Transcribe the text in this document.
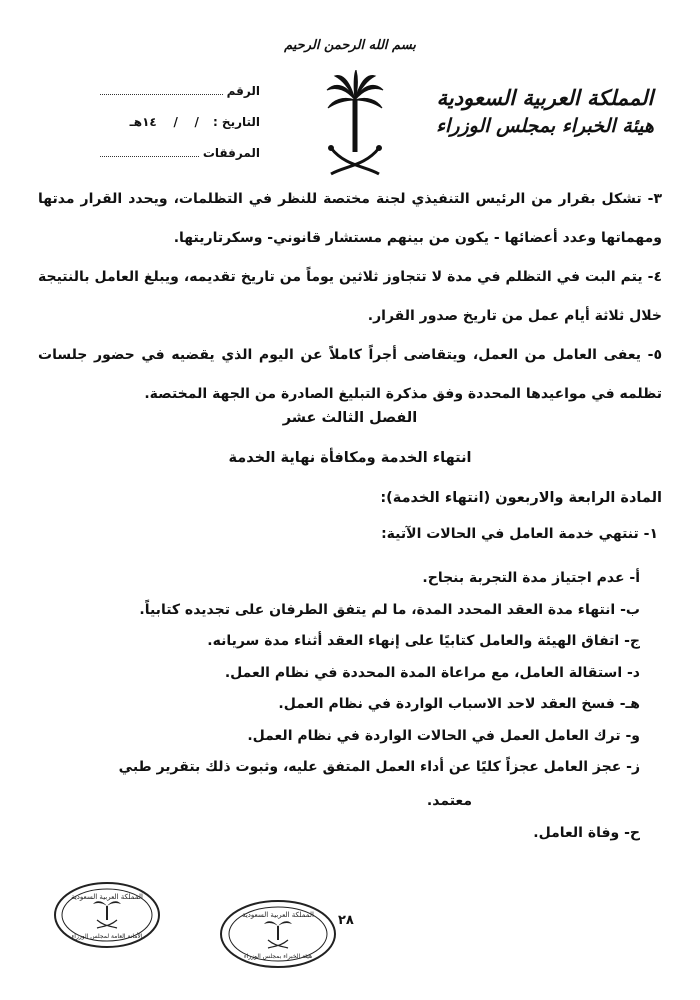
بسم الله الرحمن الرحيم
المملكة العربية السعودية
هيئة الخبراء بمجلس الوزراء
الرقم
التاريخ :
/    /    ١٤هـ
المرفقات
٣- تشكل بقرار من الرئيس التنفيذي لجنة مختصة للنظر في التظلمات، ويحدد القرار مدتها ومهماتها وعدد أعضائها - يكون من بينهم مستشار قانوني- وسكرتاريتها.
٤- يتم البت في التظلم في مدة لا تتجاوز ثلاثين يوماً من تاريخ تقديمه، ويبلغ العامل بالنتيجة خلال ثلاثة أيام عمل من تاريخ صدور القرار.
٥- يعفى العامل من العمل، ويتقاضى أجراً كاملاً عن اليوم الذي يقضيه في حضور جلسات تظلمه في مواعيدها المحددة وفق مذكرة التبليغ الصادرة من الجهة المختصة.
الفصل الثالث عشر
انتهاء الخدمة ومكافأة نهاية الخدمة
المادة الرابعة والاربعون (انتهاء الخدمة):
١- تنتهي خدمة العامل في الحالات الآتية:
أ- عدم اجتياز مدة التجربة بنجاح.
ب- انتهاء مدة العقد المحدد المدة، ما لم يتفق الطرفان على تجديده كتابياً.
ج- اتفاق الهيئة والعامل كتابيًا على إنهاء العقد أثناء مدة سريانه.
د- استقالة العامل، مع مراعاة المدة المحددة في نظام العمل.
هـ- فسخ العقد لاحد الاسباب الواردة في نظام العمل.
و- ترك العامل العمل في الحالات الواردة في نظام العمل.
ز- عجز العامل عجزاً كليًا عن أداء العمل المتفق عليه، وثبوت ذلك بتقرير طبي
معتمد.
ح- وفاة العامل.
٢٨
المملكة العربية السعودية
الأمانة العامة لمجلس الوزراء
المملكة العربية السعودية
هيئة الخبراء بمجلس الوزراء
